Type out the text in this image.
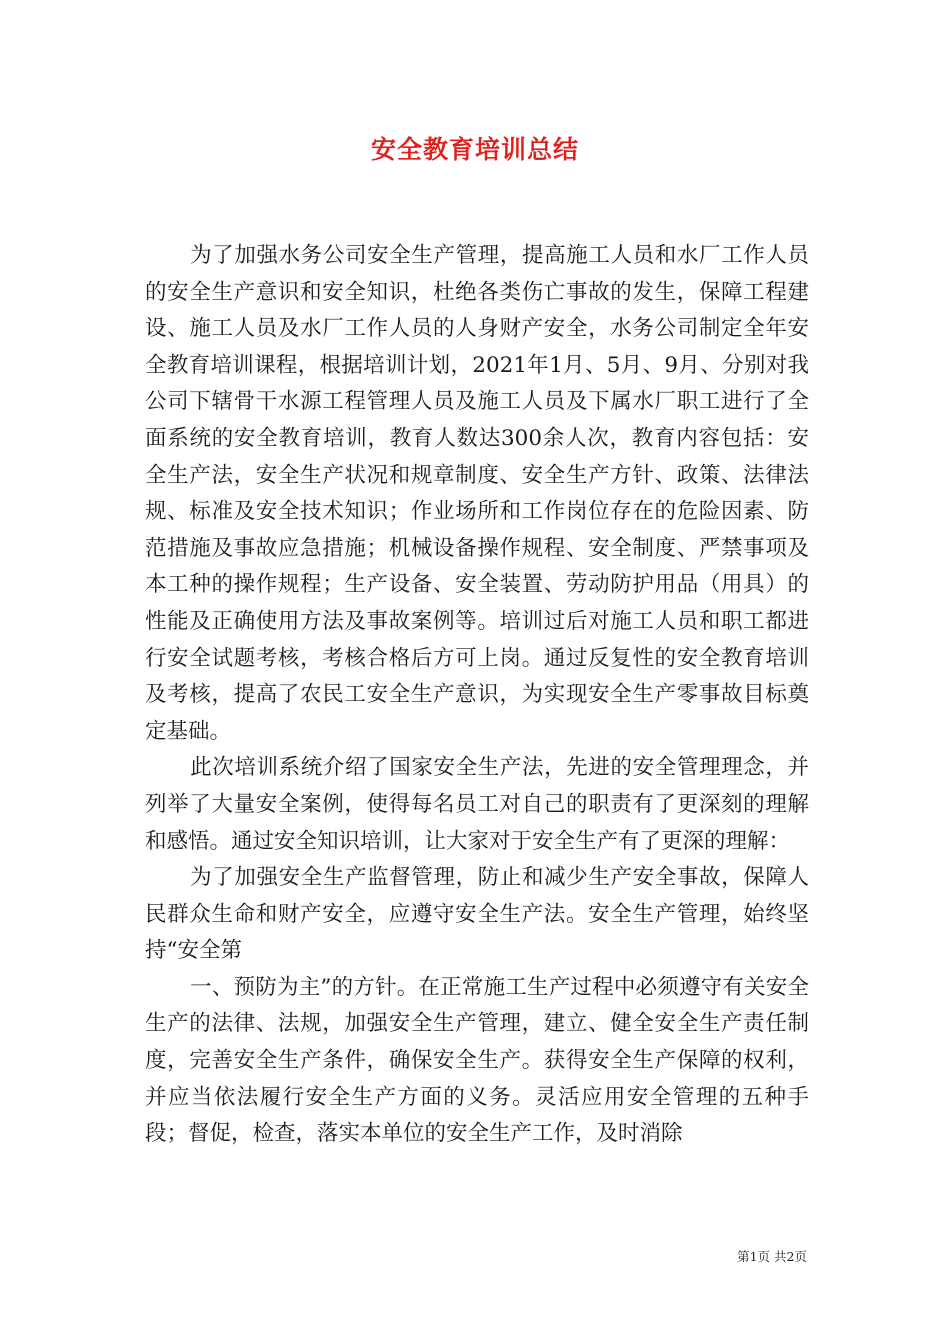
安全教育培训总结

为了加强水务公司安全生产管理，提高施工人员和水厂工作人员的安全生产意识和安全知识，杜绝各类伤亡事故的发生，保障工程建设、施工人员及水厂工作人员的人身财产安全，水务公司制定全年安全教育培训课程，根据培训计划，2021年1月、5月、9月、分别对我公司下辖骨干水源工程管理人员及施工人员及下属水厂职工进行了全面系统的安全教育培训，教育人数达300余人次，教育内容包括：安全生产法，安全生产状况和规章制度、安全生产方针、政策、法律法规、标准及安全技术知识；作业场所和工作岗位存在的危险因素、防范措施及事故应急措施；机械设备操作规程、安全制度、严禁事项及本工种的操作规程；生产设备、安全装置、劳动防护用品（用具）的性能及正确使用方法及事故案例等。培训过后对施工人员和职工都进行安全试题考核，考核合格后方可上岗。通过反复性的安全教育培训及考核，提高了农民工安全生产意识，为实现安全生产零事故目标奠定基础。

此次培训系统介绍了国家安全生产法，先进的安全管理理念，并列举了大量安全案例，使得每名员工对自己的职责有了更深刻的理解和感悟。通过安全知识培训，让大家对于安全生产有了更深的理解：

为了加强安全生产监督管理，防止和减少生产安全事故，保障人民群众生命和财产安全，应遵守安全生产法。安全生产管理，始终坚持“安全第

一、预防为主”的方针。在正常施工生产过程中必须遵守有关安全生产的法律、法规，加强安全生产管理，建立、健全安全生产责任制度，完善安全生产条件，确保安全生产。获得安全生产保障的权利，并应当依法履行安全生产方面的义务。灵活应用安全管理的五种手段；督促，检查，落实本单位的安全生产工作，及时消除

第1页 共2页
